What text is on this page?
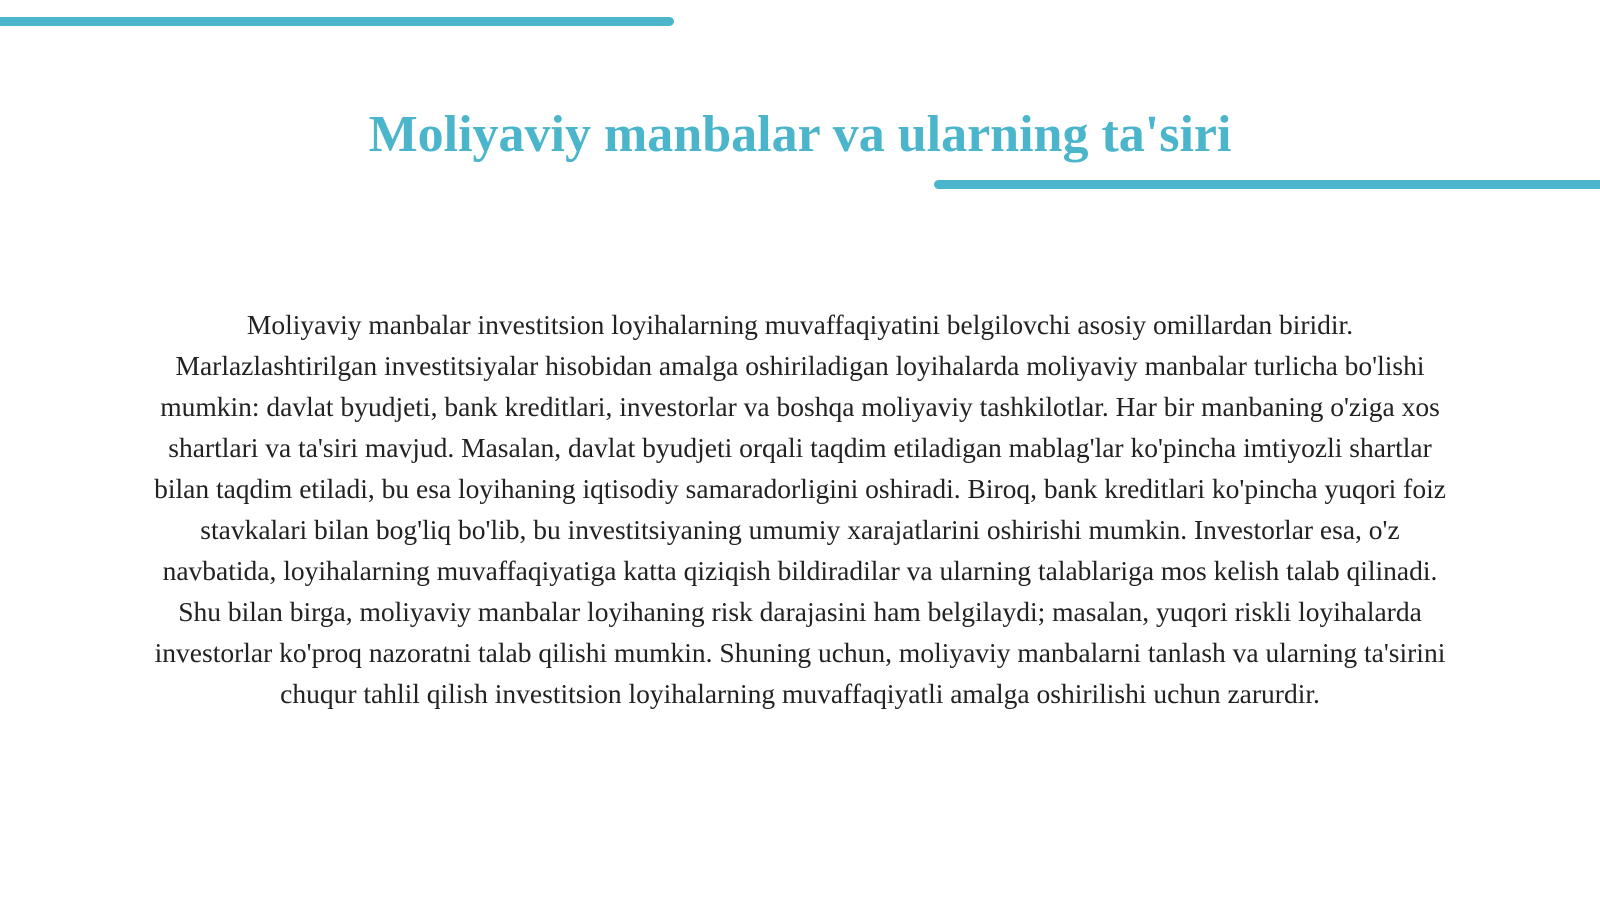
Moliyaviy manbalar va ularning ta'siri

Moliyaviy manbalar investitsion loyihalarning muvaffaqiyatini belgilovchi asosiy omillardan biridir. Marlazlashtirilgan investitsiyalar hisobidan amalga oshiriladigan loyihalarda moliyaviy manbalar turlicha bo'lishi mumkin: davlat byudjeti, bank kreditlari, investorlar va boshqa moliyaviy tashkilotlar. Har bir manbaning o'ziga xos shartlari va ta'siri mavjud. Masalan, davlat byudjeti orqali taqdim etiladigan mablag'lar ko'pincha imtiyozli shartlar bilan taqdim etiladi, bu esa loyihaning iqtisodiy samaradorligini oshiradi. Biroq, bank kreditlari ko'pincha yuqori foiz stavkalari bilan bog'liq bo'lib, bu investitsiyaning umumiy xarajatlarini oshirishi mumkin. Investorlar esa, o'z navbatida, loyihalarning muvaffaqiyatiga katta qiziqish bildiradilar va ularning talablariga mos kelish talab qilinadi. Shu bilan birga, moliyaviy manbalar loyihaning risk darajasini ham belgilaydi; masalan, yuqori riskli loyihalarda investorlar ko'proq nazoratni talab qilishi mumkin. Shuning uchun, moliyaviy manbalarni tanlash va ularning ta'sirini chuqur tahlil qilish investitsion loyihalarning muvaffaqiyatli amalga oshirilishi uchun zarurdir.
